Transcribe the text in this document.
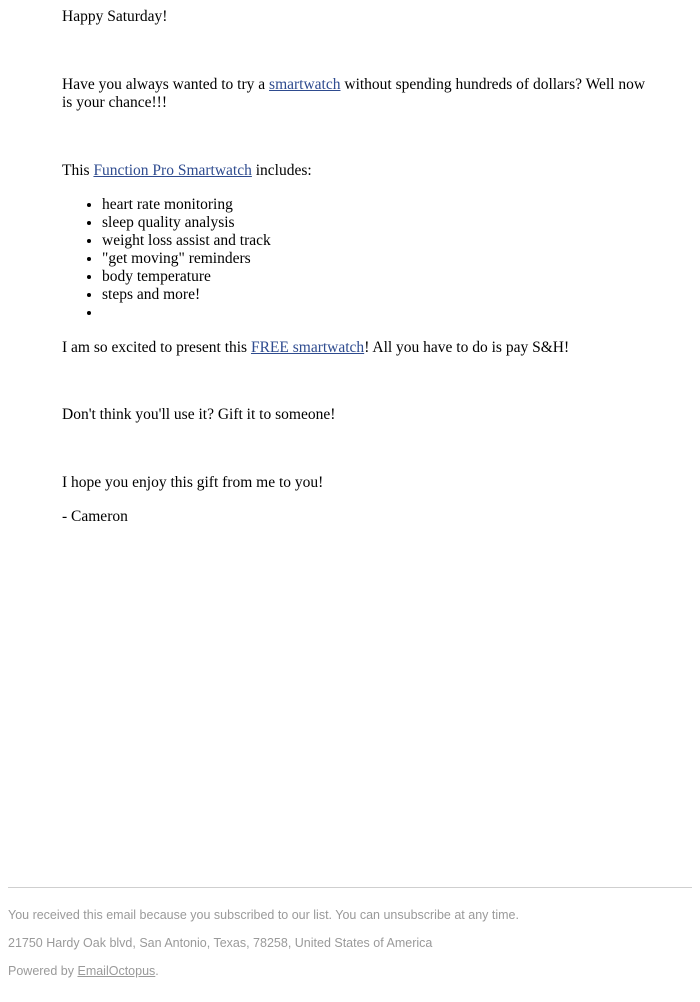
Happy Saturday!

Have you always wanted to try a smartwatch without spending hundreds of dollars? Well now is your chance!!!

This Function Pro Smartwatch includes:

• heart rate monitoring
• sleep quality analysis
• weight loss assist and track
• "get moving" reminders
• body temperature
• steps and more!
•

I am so excited to present this FREE smartwatch! All you have to do is pay S&H!

Don't think you'll use it? Gift it to someone!

I hope you enjoy this gift from me to you!

- Cameron

You received this email because you subscribed to our list. You can unsubscribe at any time.
21750 Hardy Oak blvd, San Antonio, Texas, 78258, United States of America
Powered by EmailOctopus.
